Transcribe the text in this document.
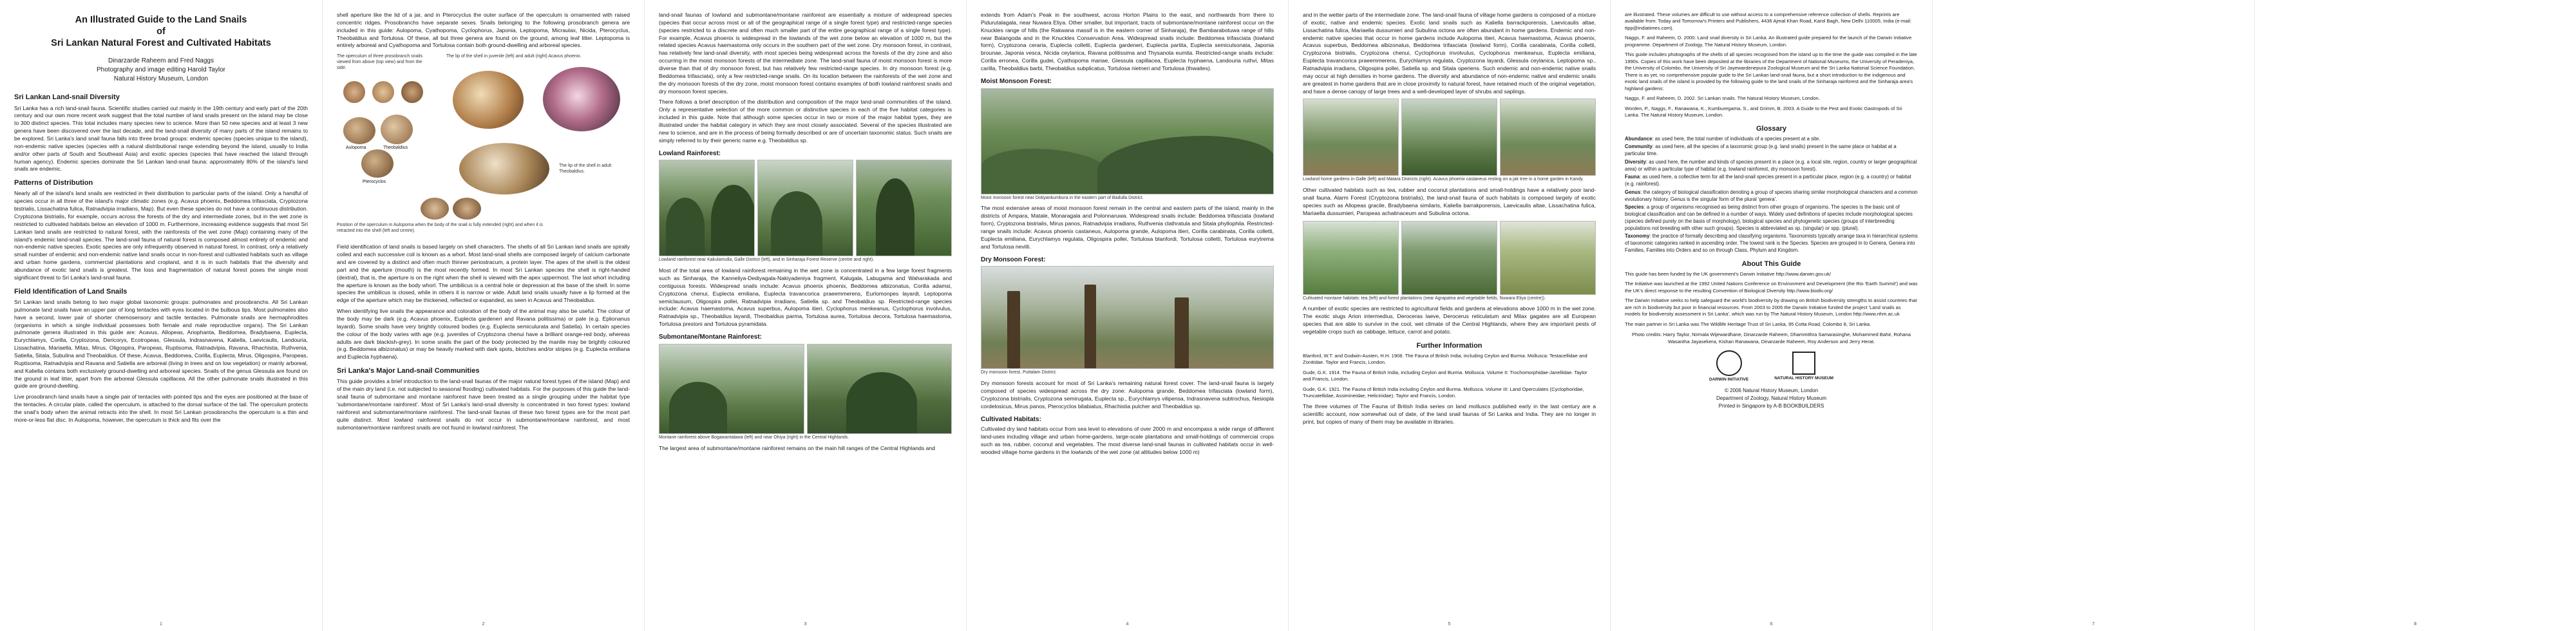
An Illustrated Guide to the Land Snails
of
Sri Lankan Natural Forest and Cultivated Habitats
Dinarzarde Raheem and Fred Naggs
Photography and image editing Harold Taylor
Natural History Museum, London
Sri Lankan Land-snail Diversity

Sri Lanka has a rich land-snail fauna. Scientific studies carried out mainly in the 19th century and early part of the 20th century and our own more recent work suggest that the total number of land snails present on the island may be close to 300 distinct species. This total includes many species new to science. More than 50 new species and at least 3 new genera have been discovered over the last decade, and the land-snail diversity of many parts of the island remains to be explored. Sri Lanka's land snail fauna falls into three broad groups: endemic species (species unique to the island), non-endemic native species (species with a natural distributional range extending beyond the island, usually to India and/or other parts of South and Southeast Asia) and exotic species (species that have reached the island through human agency). Endemic species dominate the Sri Lankan land-snail fauna: approximately 80% of the island's land snails are endemic.

Patterns of Distribution

Nearly all of the island's land snails are restricted in their distribution to particular parts of the island. Only a handful of species occur in all three of the island's major climatic zones (e.g. Acavus phoenix, Beddomea trifasciata, Cryptozona bistrialis, Lissachatina fulica, Ratnadvipia irradians, Map). But even these species do not have a continuous distribution. Cryptozona bistrialis, for example, occurs across the forests of the dry and intermediate zones, but in the wet zone is restricted to cultivated habitats below an elevation of 1000 m. Furthermore, increasing evidence suggests that most Sri Lankan land snails are restricted to natural forest, with the rainforests of the wet zone (Map) containing many of the island's endemic land-snail species. The land-snail fauna of natural forest is composed almost entirely of endemic and non-endemic native species. Exotic species are only infrequently observed in natural forest. In contrast, only a relatively small number of endemic and non-endemic native land snails occur in non-forest and cultivated habitats such as village and urban home gardens, commercial plantations and cropland, and it is in such habitats that the diversity and abundance of exotic land snails is greatest. The loss and fragmentation of natural forest poses the single most significant threat to Sri Lanka's land-snail fauna.

Field Identification of Land Snails

Sri Lankan land snails belong to two major global taxonomic groups: pulmonates and prosobranchs. All Sri Lankan pulmonate land snails have an upper pair of long tentacles with eyes located in the bulbous tips. Most pulmonates also have a second, lower pair of shorter chemosensory and tactile tentacles. Pulmonate snails are hermaphrodites (organisms in which a single individual possesses both female and male reproductive organs). The Sri Lankan pulmonate genera illustrated in this guide are: Acavus, Allopeas, Ariophanta, Beddomea, Bradybaena, Euplecta, Eurychlamys, Corilla, Cryptozona, Dericorys, Ecotropeas, Glessula, Indrasnavena, Kaliella, Laevicaulis, Landouria, Lissachatina, Mariaella, Mitas, Mirus, Oligospira, Paropeas, Ruptisoma, Ratnadvipia, Ravana, Rhachistia, Ruthvenia, Satiella, Sitala, Subulina and Theobaldius. Of these, Acavus, Beddomea, Corilla, Euplecta, Mirus, Oligospira, Paropeas, Ruptisoma, Ratnadvipia and Ravana and Satiella are arboreal (living in trees and on low vegetation) or mainly arboreal, and Kaliella contains both exclusively ground-dwelling and arboreal species. Snails of the genus Glessula are found on the ground in leaf litter, apart from the arboreal Glessula capillacea. All the other pulmonate snails illustrated in this guide are ground-dwelling.

Live prosobranch land snails have a single pair of tentacles with pointed tips and the eyes are positioned at the base of the tentacles. A circular plate, called the operculum, is attached to the dorsal surface of the tail. The operculum protects the snail's body when the animal retracts into the shell. In most Sri Lankan prosobranchs the operculum is a thin and more-or-less flat disc. In Aulopoma, however, the operculum is thick and fits over the

1

shell aperture like the lid of a jar, and in Pterocyclus the outer surface of the operculum is ornamented with raised concentric ridges. Prosobranchs have separate sexes. Snails belonging to the following prosobranch genera are included in this guide: Aulopoma, Cyathopoma, Cyclophorus, Japonia, Leptopoma, Micraulax, Nicida, Pterocyclus, Theobaldius and Tortulosa. Of these, all but three genera are found on the ground, among leaf litter. Leptopoma is entirely arboreal and Cyathopoma and Tortulosa contain both ground-dwelling and arboreal species.

The operculum of three prosobranch snails viewed from above (top view) and from the side.
The lip of the shell in juvenile (left) and adult (right) Acavus phoenix.
Aulopoma	Theobaldius
Pterocyclos
The lip of the shell in adult Theobaldius.
Position of the operculum in Aulopoma when the body of the snail is fully extended (right) and when it is retracted into the shell (left and centre).

Field identification of land snails is based largely on shell characters. The shells of all Sri Lankan land snails are spirally coiled and each successive coil is known as a whorl. Most land-snail shells are composed largely of calcium carbonate and are covered by a distinct and often much thinner periostracum, a protein layer. The apex of the shell is the oldest part and the aperture (mouth) is the most recently formed. In most Sri Lankan species the shell is right-handed (dextral), that is, the aperture is on the right when the shell is viewed with the apex uppermost. The last whorl including the aperture is known as the body whorl. The umbilicus is a central hole or depression at the base of the shell. In some species the umbilicus is closed, while in others it is narrow or wide. Adult land snails usually have a lip formed at the edge of the aperture which may be thickened, reflected or expanded, as seen in Acavus and Theobaldius.

When identifying live snails the appearance and coloration of the body of the animal may also be useful. The colour of the body may be dark (e.g. Acavus phoenix, Euplecta gardeneri and Ravana politissima) or pale (e.g. Eplionanus layardi). Some snails have very brightly coloured bodies (e.g. Euplecta semiculurata and Satiella). In certain species the colour of the body varies with age (e.g. juveniles of Cryptozona chenui have a brilliant orange-red body, whereas adults are dark blackish-grey). In some snails the part of the body protected by the mantle may be brightly coloured (e.g. Beddomea albizonatus) or may be heavily marked with dark spots, blotches and/or stripes (e.g. Euplecta emiliana and Euplecta hyphaena).

Sri Lanka's Major Land-snail Communities

This guide provides a brief introduction to the land-snail faunas of the major natural forest types of the island (Map) and of the main dry land (i.e. not subjected to seasonal flooding) cultivated habitats. For the purposes of this guide the land-snail fauna of submontane and montane rainforest have been treated as a single grouping under the habitat type 'submontane/montane rainforest'. Most of Sri Lanka's land-snail diversity is concentrated in two forest types: lowland rainforest and submontane/montane rainforest. The land-snail faunas of these two forest types are for the most part quite distinct. Most lowland rainforest snails do not occur in submontane/montane rainforest, and most submontane/montane rainforest snails are not found in lowland rainforest. The

2

land-snail faunas of lowland and submontane/montane rainforest are essentially a mixture of widespread species (species that occur across most or all of the geographical range of a single forest type) and restricted-range species (species restricted to a discrete and often much smaller part of the entire geographical range of a single forest type). For example, Acavus phoenix is widespread in the lowlands of the wet zone below an elevation of 1000 m, but the related species Acavus haemastoma only occurs in the southern part of the wet zone. Dry monsoon forest, in contrast, has relatively few land-snail diversity, with most species being widespread across the forests of the dry zone and also occurring in the moist monsoon forests of the intermediate zone. The land-snail fauna of moist monsoon forest is more diverse than that of dry monsoon forest, but has relatively few restricted-range species. In dry monsoon forest (e.g. Beddomea trifasciata), only a few restricted-range snails. On its location between the rainforests of the wet zone and the dry monsoon forests of the dry zone, moist monsoon forest contains examples of both lowland rainforest snails and dry monsoon forest species.

There follows a brief description of the distribution and composition of the major land-snail communities of the island. Only a representative selection of the more common or distinctive species in each of the five habitat categories is included in this guide. Note that although some species occur in two or more of the major habitat types, they are illustrated under the habitat category in which they are most closely associated. Several of the species illustrated are new to science, and are in the process of being formally described or are of uncertain taxonomic status. Such snails are simply referred to by their generic name e.g. Theobaldius sp.

Lowland Rainforest:
Lowland rainforest near Kakulamulla, Galle District (left), and in Sinharaja Forest Reserve (centre and right).

Most of the total area of lowland rainforest remaining in the wet zone is concentrated in a few large forest fragments such as Sinharaja, the Kanneliya-Dediyagala-Nakiyadeniya fragment, Kalugala, Labugama and Waharakada and contiguous forests. Widespread snails include: Acavus phoenix phoenix, Beddomea albizonatus, Corilla adamsi, Cryptozona chenui, Euplecta emiliana, Euplecta travancorica praeemmerens, Eurlomonpes layardi, Leptopoma semiclausum, Oligospira pollei, Ratnadvipia irradians, Satiella sp. and Theobaldius sp. Restricted-range species include: Acavus haemastoma, Acavus superbus, Aulopoma itieri, Cyclophorus menkeanus, Cyclophorus involvulus, Ratnadvipia sp., Theobaldius layardi, Theobaldius parma, Tortulosa aurea, Tortulosa decora, Tortulosa haemastoma, Tortulosa prestoni and Tortulosa pyramidata.

Submontane/Montane Rainforest:
Montane rainforest above Bogawantalawa (left) and near Ohiya (right) in the Central Highlands.

The largest area of submontane/montane rainforest remains on the main hill ranges of the Central Highlands and

3

extends from Adam's Peak in the southwest, across Horton Plains to the east, and northwards from there to Pidurutalagala, near Nuwara Eliya. Other smaller, but important, tracts of submontane/montane rainforest occur on the Knuckles range of hills (the Rakwana massif is in the eastern corner of Sinharaja), the Bambarabotuwa range of hills near Balangoda and in the Knuckles Conservation Area. Widespread snails include: Beddomea trifasciata (lowland form), Cryptozona ceraria, Euplecta colletti, Euplecta gardeneri, Euplecta partita, Euplecta semiculsonata, Japonia brounae, Japonia vesca, Nicida ceylanica, Ravana politissima and Thysanota eumita. Restricted-range snails include: Corilla erronea, Corilla gudei, Cyathopoma mariae, Glessula capillacea, Euplecta hyphaena, Landouria ruthvi, Mitas carilla, Theobaldius barbi, Theobaldius subplicatus, Tortulosa nietneri and Tortulosa (thwaites).

Moist Monsoon Forest:
Moist monsoon forest near Dotiyankumbura in the eastern part of Badulla District.

The most extensive areas of moist monsoon forest remain in the central and eastern parts of the island, mainly in the districts of Ampara, Matale, Monaragala and Polonnaruwa. Widespread snails include: Beddomea trifasciata (lowland form), Cryptozona bistrialis, Mirus panos, Ratnadvipia irradians, Ruthvenia clathratula and Sitala phyllophila. Restricted-range snails include: Acavus phoenix castaneus, Aulopoma grande, Aulopoma itieri, Corilla carabinata, Corilla colletti, Euplecta emiliana, Eurychlamys regulata, Oligospira pollei, Tortulosa blanfordi, Tortulosa colletti, Tortulosa eurytrema and Tortulosa nevilli.

Dry Monsoon Forest:
Dry monsoon forest, Puttalam District.

Dry monsoon forests account for most of Sri Lanka's remaining natural forest cover. The land-snail fauna is largely composed of species widespread across the dry zone: Aulopoma grande, Beddomea trifasciata (lowland form), Cryptozona bistrialis, Cryptozona semirugata, Euplecta sp., Eurychlamys vilipensa, Indrasnavena subtrochus, Nesiopla cordelosicus, Mirus panos, Pterocyclos bilabiatus, Rhachistia pulcher and Theobaldius sp.

Cultivated Habitats:

Cultivated dry land habitats occur from sea level to elevations of over 2000 m and encompass a wide range of different land-uses including village and urban home-gardens, large-scale plantations and small-holdings of commercial crops such as tea, rubber, coconut and vegetables. The most diverse land-snail faunas in cultivated habitats occur in well-wooded village home gardens in the lowlands of the wet zone (at altitudes below 1000 m)

4

and in the wetter parts of the intermediate zone. The land-snail fauna of village home gardens is composed of a mixture of exotic, native and endemic species. Exotic land snails such as Kaliella barrackporensis, Laevicaulis altae, Lissachatina fulica, Mariaella dussumieri and Subulina octona are often abundant in home gardens. Endemic and non-endemic native species that occur in home gardens include Aulopoma itieri, Acavus haemastoma, Acavus phoenix, Acavus superbus, Beddomea albizonatus, Beddomea trifasciata (lowland form), Corilla carabinata, Corilla colletti, Cryptozona bistrialis, Cryptozona chenui, Cyclophorus involvulus, Cyclophorus menkeanus, Euplecta emiliana, Euplecta travancorica praeemmerens, Eurychlamys regulata, Cryptozona layardi, Glessula ceylanica, Leptopoma sp., Ratnadvipia irradians, Oligospira pollei, Satiella sp. and Sitala operiens. Such endemic and non-endemic native snails may occur at high densities in home gardens. The diversity and abundance of non-endemic native and endemic snails are greatest in home gardens that are in close proximity to natural forest, have retained much of the original vegetation, and have a dense canopy of large trees and a well-developed layer of shrubs and saplings.

Lowland home gardens in Galle (left) and Matara Districts (right). Acavus phoenix castaneus resting on a jak tree in a home garden in Kandy.

Other cultivated habitats such as tea, rubber and coconut plantations and small-holdings have a relatively poor land-snail fauna. Alarm Forest (Cryptozona bistrialis), the land-snail fauna of such habitats is composed largely of exotic species such as Allopeas gracile, Bradybaena similaris, Kaliella barrakporensis, Laevicaulis altae, Lissachatina fulica, Mariaella dussumieri, Paropeas achatinaceum and Subulina octona.

Cultivated montane habitats: tea (left) and forest plantations (near Agrapatna and vegetable fields, Nuwara Eliya (centre)).

A number of exotic species are restricted to agricultural fields and gardens at elevations above 1000 m in the wet zone. The exotic slugs Arion intermedius, Deroceras laeve, Derocerus reticulatum and Milax gagates are all European species that are able to survive in the cool, wet climate of the Central Highlands, where they are important pests of vegetable crops such as cabbage, lettuce, carrot and potato.

Further Information

Blanford, W.T. and Godwin-Austen, H.H. 1908. The Fauna of British India, including Ceylon and Burma. Mollusca: Testacellidae and Zonitidae. Taylor and Francis, London.

Gude, G.K. 1914. The Fauna of British India, including Ceylon and Burma. Mollusca. Volume II: Trochomorphidae-Janellidae. Taylor and Francis, London.

Gude, G.K. 1921. The Fauna of British India including Ceylon and Burma. Mollusca. Volume III: Land Operculates (Cyclophoridae, Truncatellidae, Assimineidae, Helicinidae). Taylor and Francis, London.

The three volumes of The Fauna of British India series on land molluscs published early in the last century are a scientific account, now somewhat out of date, of the land snail faunas of Sri Lanka and India. They are no longer in print, but copies of many of them may be available in libraries.

5

are illustrated. These volumes are difficult to use without access to a comprehensive reference collection of shells. Reprints are available from: Today and Tomorrow's Printers and Publishers, 4436 Ajmal Khan Road, Karol Bagh, New Delhi 110005, India (e-mail: ttpp@indiatimes.com).

Naggs, F. and Raheem, D. 2000. Land snail diversity in Sri Lanka. An illustrated guide prepared for the launch of the Darwin Initiative programme. Department of Zoology, The Natural History Museum, London.

This guide includes photographs of the shells of all species recognised from the island up to the time the guide was compiled in the late 1990s. Copies of this work have been deposited at the libraries of the Department of National Museums, the University of Peradeniya, the University of Colombo, the University of Sri Jayewardenepura Zoological Museum and the Sri Lanka National Science Foundation. There is as yet, no comprehensive popular guide to the Sri Lankan land-snail fauna, but a short introduction to the indigenous and exotic land snails of the island is provided by the following guide to the land snails of the Sinharaja rainforest and the Sinharaja area's highland gardens:

Naggs, F. and Raheem, D. 2002. Sri Lankan snails. The Natural History Museum, London.

Worden, P., Naggs, F., Ranawana, K., Kumburegama, S., and Grimm, B. 2003. A Guide to the Pest and Exotic Gastropods of Sri Lanka. The Natural History Museum, London.

Glossary

Abundance: as used here, the total number of individuals of a species present at a site.

Community: as used here, all the species of a taxonomic group (e.g. land snails) present in the same place or habitat at a particular time.

Diversity: as used here, the number and kinds of species present in a place (e.g. a local site, region, country or larger geographical area) or within a particular type of habitat (e.g. lowland rainforest, dry monsoon forest).

Fauna: as used here, a collective term for all the land-snail species present in a particular place, region (e.g. a country) or habitat (e.g. rainforest).

Genus: the category of biological classification denoting a group of species sharing similar morphological characters and a common evolutionary history. Genus is the singular form of the plural 'genera'.

Species: a group of organisms recognised as being distinct from other groups of organisms. The species is the basic unit of biological classification and can be defined in a number of ways. Widely used definitions of species include morphological species (species defined purely on the basis of morphology), biological species and phylogenetic species (groups of interbreeding populations not breeding with other such groups). Species is abbreviated as sp. (singular) or spp. (plural).

Taxonomy: the practice of formally describing and classifying organisms. Taxonomists typically arrange taxa in hierarchical systems of taxonomic categories ranked in ascending order. The lowest rank is the Species. Species are grouped in to Genera, Genera into Families, Families into Orders and so on through Class, Phylum and Kingdom.

About This Guide

This guide has been funded by the UK government's Darwin Initiative http://www.darwin.gov.uk/

The Initiative was launched at the 1992 United Nations Conference on Environment and Development (the Rio 'Earth Summit') and was the UK's direct response to the resulting Convention of Biological Diversity http://www.biodiv.org/

The Darwin Initiative seeks to help safeguard the world's biodiversity by drawing on British biodiversity strengths to assist countries that are rich in biodiversity but poor in financial resources. From 2003 to 2005 the Darwin Initiative funded the project 'Land snails as models for biodiversity assessment in Sri Lanka', which was run by The Natural History Museum, London http://www.nhm.ac.uk

The main partner in Sri Lanka was The Wildlife Heritage Trust of Sri Lanka, 95 Cotta Road, Colombo 8, Sri Lanka.

Photo credits: Harry Taylor, Nirmala Wijewardhane, Dinarzarde Raheem, Dhammithra Samarasinghe, Mohammed Bahir, Rohana Wasantha Jayasekera, Kishan Ranawana, Dinarzarde Raheem, Roy Anderson and Jerry Herat.

DARWIN INITIATIVE	NATURAL HISTORY MUSEUM
© 2006 Natural History Museum, London
Department of Zoology, Natural History Museum
Printed in Singapore by A-B BOOKBUILDERS
6	7	8
